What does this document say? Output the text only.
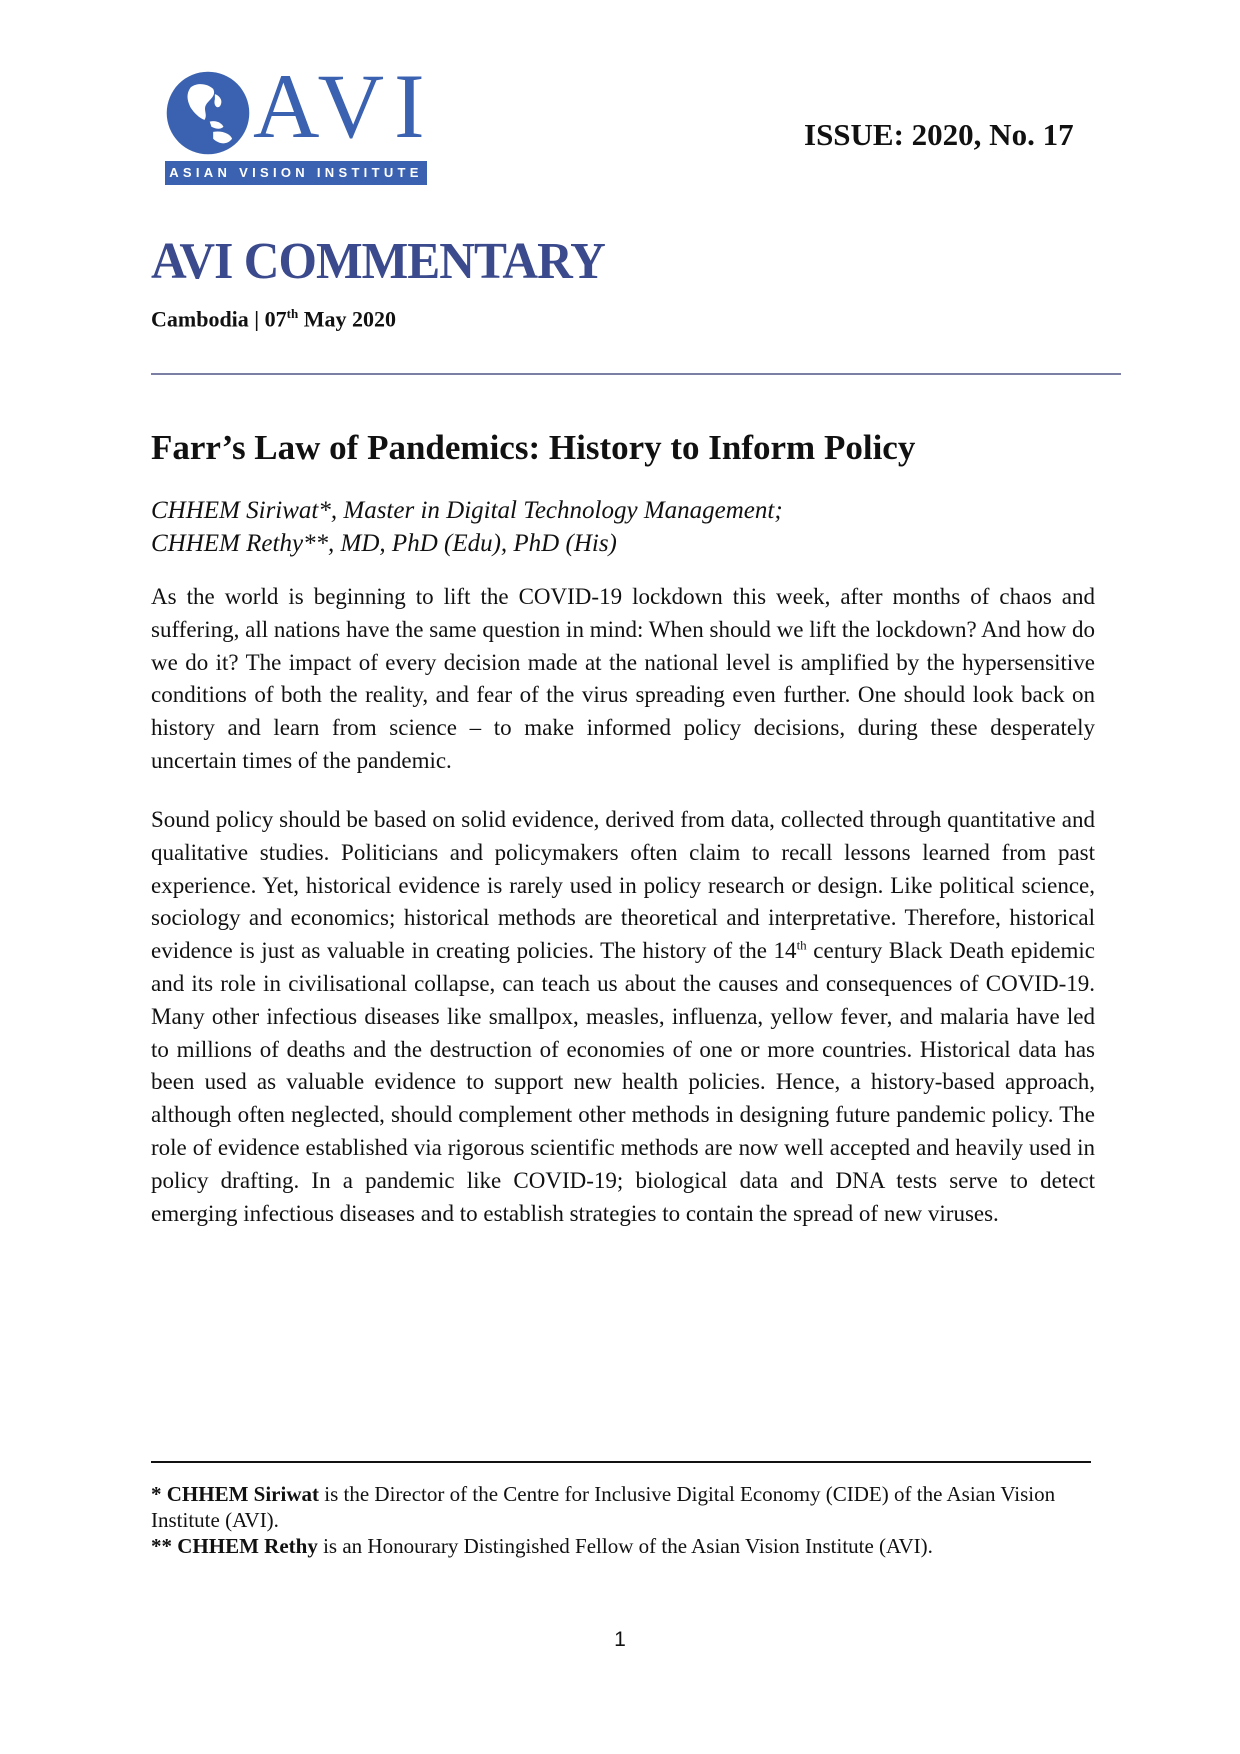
AVI
ASIAN VISION INSTITUTE
ISSUE: 2020, No. 17
AVI COMMENTARY
Cambodia | 07th May 2020
Farr’s Law of Pandemics: History to Inform Policy
CHHEM Siriwat*, Master in Digital Technology Management;
CHHEM Rethy**, MD, PhD (Edu), PhD (His)
As the world is beginning to lift the COVID-19 lockdown this week, after months of chaos and suffering, all nations have the same question in mind: When should we lift the lockdown? And how do we do it? The impact of every decision made at the national level is amplified by the hypersensitive conditions of both the reality, and fear of the virus spreading even further. One should look back on history and learn from science – to make informed policy decisions, during these desperately uncertain times of the pandemic.
Sound policy should be based on solid evidence, derived from data, collected through quantitative and qualitative studies. Politicians and policymakers often claim to recall lessons learned from past experience. Yet, historical evidence is rarely used in policy research or design. Like political science, sociology and economics; historical methods are theoretical and interpretative. Therefore, historical evidence is just as valuable in creating policies. The history of the 14th century Black Death epidemic and its role in civilisational collapse, can teach us about the causes and consequences of COVID-19. Many other infectious diseases like smallpox, measles, influenza, yellow fever, and malaria have led to millions of deaths and the destruction of economies of one or more countries. Historical data has been used as valuable evidence to support new health policies. Hence, a history-based approach, although often neglected, should complement other methods in designing future pandemic policy. The role of evidence established via rigorous scientific methods are now well accepted and heavily used in policy drafting. In a pandemic like COVID-19; biological data and DNA tests serve to detect emerging infectious diseases and to establish strategies to contain the spread of new viruses.
* CHHEM Siriwat is the Director of the Centre for Inclusive Digital Economy (CIDE) of the Asian Vision Institute (AVI).
** CHHEM Rethy is an Honourary Distingished Fellow of the Asian Vision Institute (AVI).
1
